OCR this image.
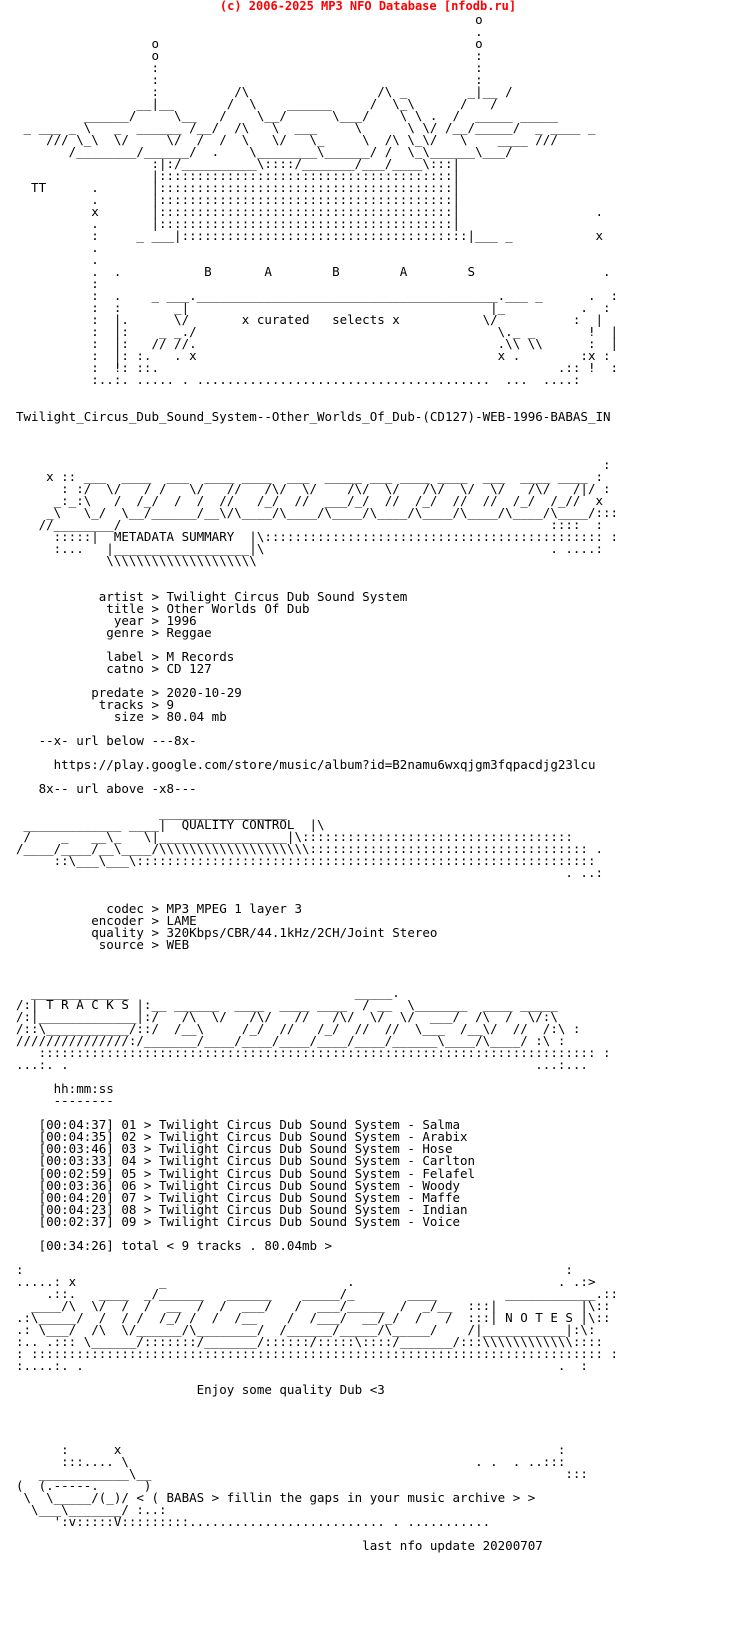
(c) 2006-2025 MP3 NFO Database [nfodb.ru]
o
.
o                                          o
o                                          :
:                                          :
:                                          :
:          /\                 /\ _        _|__ /
__|__       /  \    ______     /  \_\      /   /
______/     \__   /    \__/      \___/    \ \ .  /  _____ _____
_ ___ _ \   _  ______ /__/  /\   \  ___     \      \ \/ /__/_____/  _ ____ _
/// \_\  \/     \/  /  /  \   \/   \_     \  /\ \_\/   \    ____ ///
/________/______/  .    \________\______/ /  \_\______\___/
:|:/__________\::::/_______/___/____\:::|
|:::::::::::::::::::::::::::::::::::::::|
TT      .       |:::::::::::::::::::::::::::::::::::::::|
.       |:::::::::::::::::::::::::::::::::::::::|
x       |:::::::::::::::::::::::::::::::::::::::|                  .
.       |:::::::::::::::::::::::::::::::::::::::|
:     _ ___|::::::::::::::::::::::::::::::::::::::|___ _           x
.
.
.  .           B       A        B        A        S                 .
:
:  .    _ ___.________________________________________.___ _      .  :
:  :       _|                                        |_          .  :
:  |.      \/       x curated   selects x           \/          :  |
:  |:    _ _./                                        \._ _       !  |
:  |:   // //.                                        .\\ \\      :  |
:  |: :.   . x                                        x .        :x :
:  !: ::.                                                     .:: !  :
:..:. ..... . .......................................  ...  ....:

Twilight_Circus_Dub_Sound_System--Other_Worlds_Of_Dub-(CD127)-WEB-1996-BABAS_IN

:
x :: ___  ____  ___  ____ ____  ___  _____ ___ ____ ____  ___  ____ ____ :
: :/  \/   / /   \/   //   /\/  \/    /\/  \/   /\/  \/  \/   /\/   /|/ :
_:_:\   /  /_/  /  /  //   /_/  //  ___/_/  //  /_/  //  //  /_/  /_//  x
_\   \_/  \__/______/__\/\____/\____/\____/\____/\____/\____/\____/\____/:::
//________/                                                         ::::  :
:::::|  METADATA SUMMARY  |\::::::::::::::::::::::::::::::::::::::::::::: :
:...   |__________________|\                                      . ....:
\\\\\\\\\\\\\\\\\\\\

artist > Twilight Circus Dub Sound System
title > Other Worlds Of Dub
year > 1996
genre > Reggae

label > M Records
catno > CD 127

predate > 2020-10-29
tracks > 9
size > 80.04 mb

--x- url below ---8x-

https://play.google.com/store/music/album?id=B2namu6wxqjgm3fqpacdjg23lcu

8x-- url above -x8---

_________________
_____________ ____|  QUALITY CONTROL  |\
/    _   __\_   \|_________________|\::::::::::::::::::::::::::::::::::::
/____/____/__\____/\\\\\\\\\\\\\\\\\\\\::::::::::::::::::::::::::::::::::::: .
::\___\___\:::::::::::::::::::::::::::::::::::::::::::::::::::::::::::::
. ..:

codec > MP3 MPEG 1 layer 3
encoder > LAME
quality > 320Kbps/CBR/44.1kHz/2CH/Joint Stereo
source > WEB

_____________                              _____.
/:| T R A C K S |:__ ______  ____  ____ ____  / __  \_______  ____ _____
/:|_____________|:/   /\  \/   /\/   //   /\/  \/  \/  ___/  /\  /  \/:\
/::\___________/::/  /__\     /_/  //   /_/  //  //  \___  /__\/  //  /:\ :
///////////////:/_______/____/____/____/____/____/______\____/\____/ :\ :
:::::::::::::::::::::::::::::::::::::::::::::::::::::::::::::::::::::::::: :
...:. .                                                              ...:...

hh:mm:ss
--------

[00:04:37] 01 > Twilight Circus Dub Sound System - Salma
[00:04:35] 02 > Twilight Circus Dub Sound System - Arabix
[00:03:46] 03 > Twilight Circus Dub Sound System - Hose
[00:03:33] 04 > Twilight Circus Dub Sound System - Carlton
[00:02:59] 05 > Twilight Circus Dub Sound System - Felafel
[00:03:36] 06 > Twilight Circus Dub Sound System - Woody
[00:04:20] 07 > Twilight Circus Dub Sound System - Maffe
[00:04:23] 08 > Twilight Circus Dub Sound System - Indian
[00:02:37] 09 > Twilight Circus Dub Sound System - Voice

[00:34:26] total < 9 tracks . 80.04mb >

:                                                                        :
.....: x           _                        .                           . .:>
.::.   ____  _/______   ______    _____/_       ____         ____________.::
____/\  \/  /  /  __  /  /  ___/   /  ___/_____  /  _/__  :::|           |\::
.:\_____/  /  / /  /_/ /  /  /__    /  /___/  __/_/  /   /  :::| N O T E S |\::
.: \___/  /\  \/______/\________/  /______/_____/\_____/    /|___________|:\:
:.. .::: \______/:::::::/_______/::::::/:::::\::::/_______/:::\\\\\\\\\\\\::::
: :::::::::::::::::::::::::::::::::::::::::::::::::::::::::::::::::::::::::::: :
:....:. .                                                               .  :

Enjoy some quality Dub <3

:      x                                                          :
:::.... \                                              . .  . ..:::
____________\__                                                       :::
(  (.-----.      )
\  \_____/(_)/ < ( BABAS > fillin the gaps in your music archive > >
\___\_______/ :..:
':v:::::V:::::::::.......................... . ...........

last nfo update 20200707
